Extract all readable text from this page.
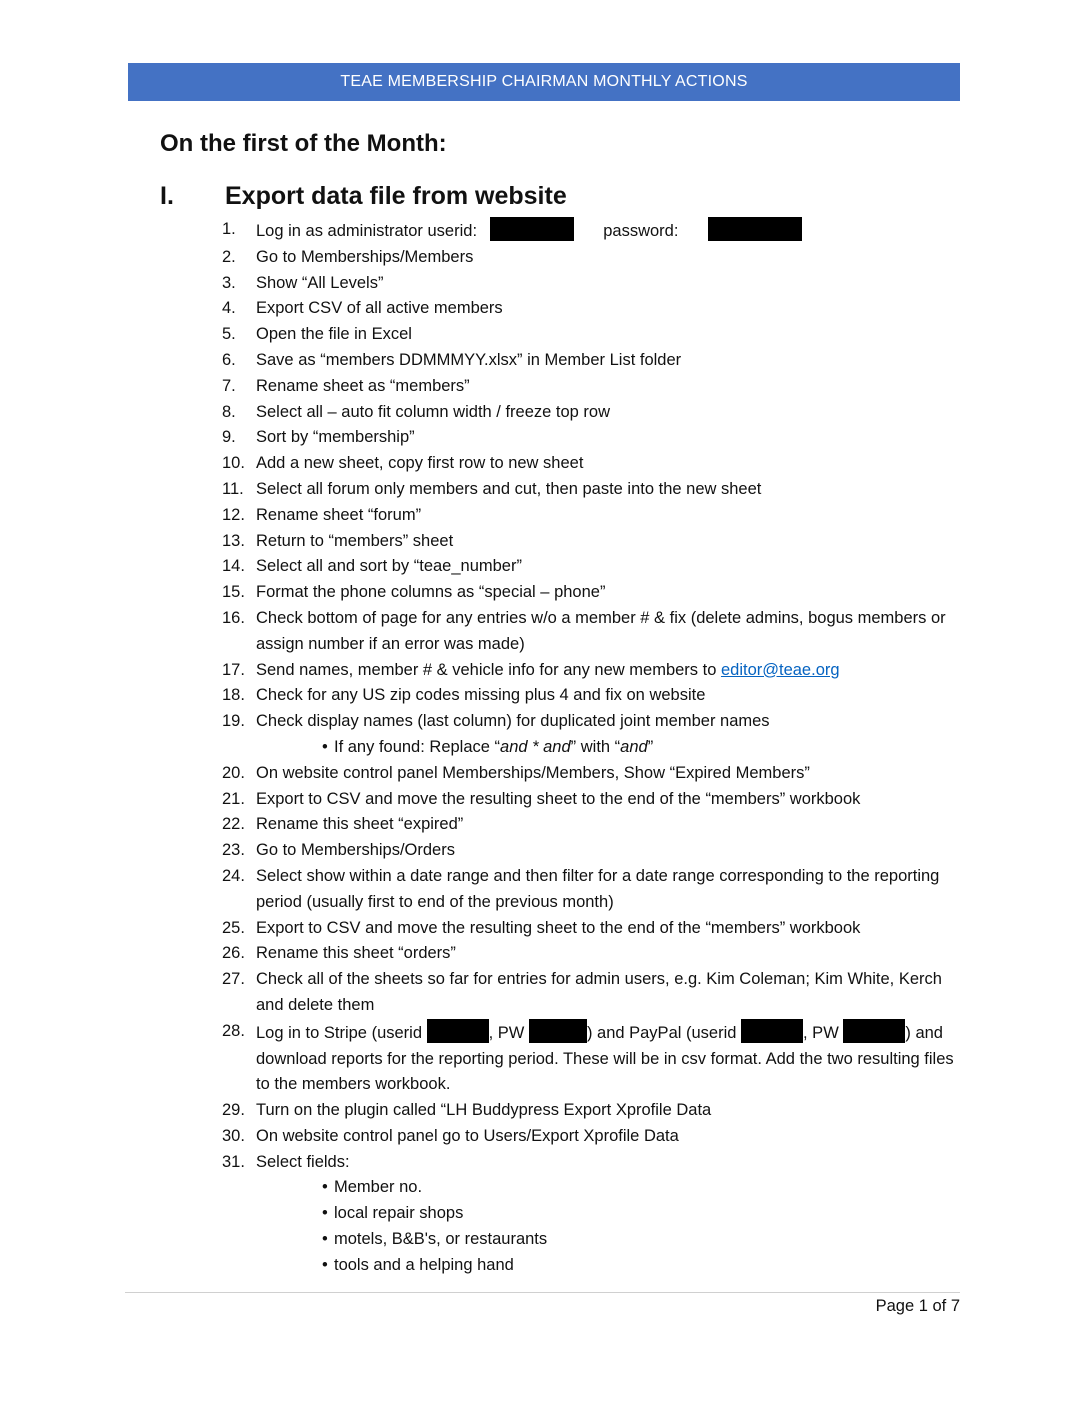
TEAE MEMBERSHIP CHAIRMAN MONTHLY ACTIONS
On the first of the Month:
I. Export data file from website
1.	Log in as administrator userid:	password:
2.	Go to Memberships/Members
3.	Show “All Levels”
4.	Export CSV of all active members
5.	Open the file in Excel
6.	Save as “members DDMMMYY.xlsx” in Member List folder
7.	Rename sheet as “members”
8.	Select all – auto fit column width / freeze top row
9.	Sort by “membership”
10. Add a new sheet, copy first row to new sheet
11. Select all forum only members and cut, then paste into the new sheet
12. Rename sheet “forum”
13. Return to “members” sheet
14. Select all and sort by “teae_number”
15. Format the phone columns as “special – phone”
16. Check bottom of page for any entries w/o a member # & fix (delete admins, bogus members or assign number if an error was made)
17. Send names, member # & vehicle info for any new members to editor@teae.org
18. Check for any US zip codes missing plus 4 and fix on website
19. Check display names (last column) for duplicated joint member names
• If any found: Replace “and * and” with “and”
20. On website control panel Memberships/Members, Show “Expired Members”
21. Export to CSV and move the resulting sheet to the end of the “members” workbook
22. Rename this sheet “expired”
23. Go to Memberships/Orders
24. Select show within a date range and then filter for a date range corresponding to the reporting period (usually first to end of the previous month)
25. Export to CSV and move the resulting sheet to the end of the “members” workbook
26. Rename this sheet “orders”
27. Check all of the sheets so far for entries for admin users, e.g. Kim Coleman; Kim White, Kerch and delete them
28. Log in to Stripe (userid	, PW	) and PayPal (userid	, PW	) and download reports for the reporting period. These will be in csv format. Add the two resulting files to the members workbook.
29. Turn on the plugin called “LH Buddypress Export Xprofile Data
30. On website control panel go to Users/Export Xprofile Data
31. Select fields:
• Member no.
• local repair shops
• motels, B&B's, or restaurants
• tools and a helping hand
Page 1 of 7
